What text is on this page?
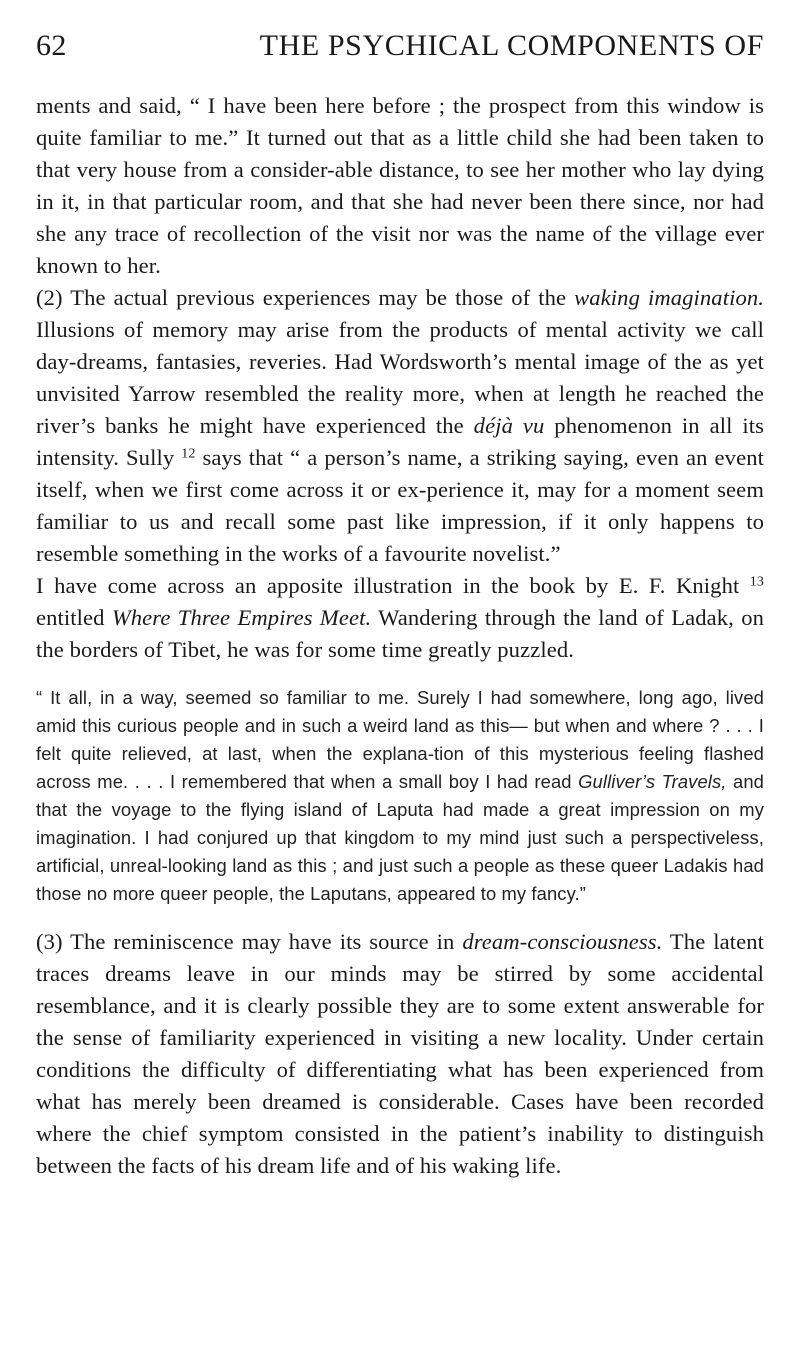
62	THE PSYCHICAL COMPONENTS OF

ments and said, “ I have been here before ; the prospect from this window is quite familiar to me.” It turned out that as a little child she had been taken to that very house from a consider-able distance, to see her mother who lay dying in it, in that particular room, and that she had never been there since, nor had she any trace of recollection of the visit nor was the name of the village ever known to her.

(2) The actual previous experiences may be those of the waking imagination. Illusions of memory may arise from the products of mental activity we call day-dreams, fantasies, reveries. Had Wordsworth’s mental image of the as yet unvisited Yarrow resembled the reality more, when at length he reached the river’s banks he might have experienced the déjà vu phenomenon in all its intensity. Sully $^{12}$ says that “ a person’s name, a striking saying, even an event itself, when we first come across it or ex-perience it, may for a moment seem familiar to us and recall some past like impression, if it only happens to resemble something in the works of a favourite novelist.”

I have come across an apposite illustration in the book by E. F. Knight $^{13}$ entitled Where Three Empires Meet. Wandering through the land of Ladak, on the borders of Tibet, he was for some time greatly puzzled.

“ It all, in a way, seemed so familiar to me. Surely I had somewhere, long ago, lived amid this curious people and in such a weird land as this— but when and where ? . . . I felt quite relieved, at last, when the explana-tion of this mysterious feeling flashed across me. . . . I remembered that when a small boy I had read Gulliver’s Travels, and that the voyage to the flying island of Laputa had made a great impression on my imagination. I had conjured up that kingdom to my mind just such a perspectiveless, artificial, unreal-looking land as this ; and just such a people as these queer Ladakis had those no more queer people, the Laputans, appeared to my fancy.”

(3) The reminiscence may have its source in dream-consciousness. The latent traces dreams leave in our minds may be stirred by some accidental resemblance, and it is clearly possible they are to some extent answerable for the sense of familiarity experienced in visiting a new locality. Under certain conditions the difficulty of differentiating what has been experienced from what has merely been dreamed is considerable. Cases have been recorded where the chief symptom consisted in the patient’s inability to distinguish between the facts of his dream life and of his waking life.
